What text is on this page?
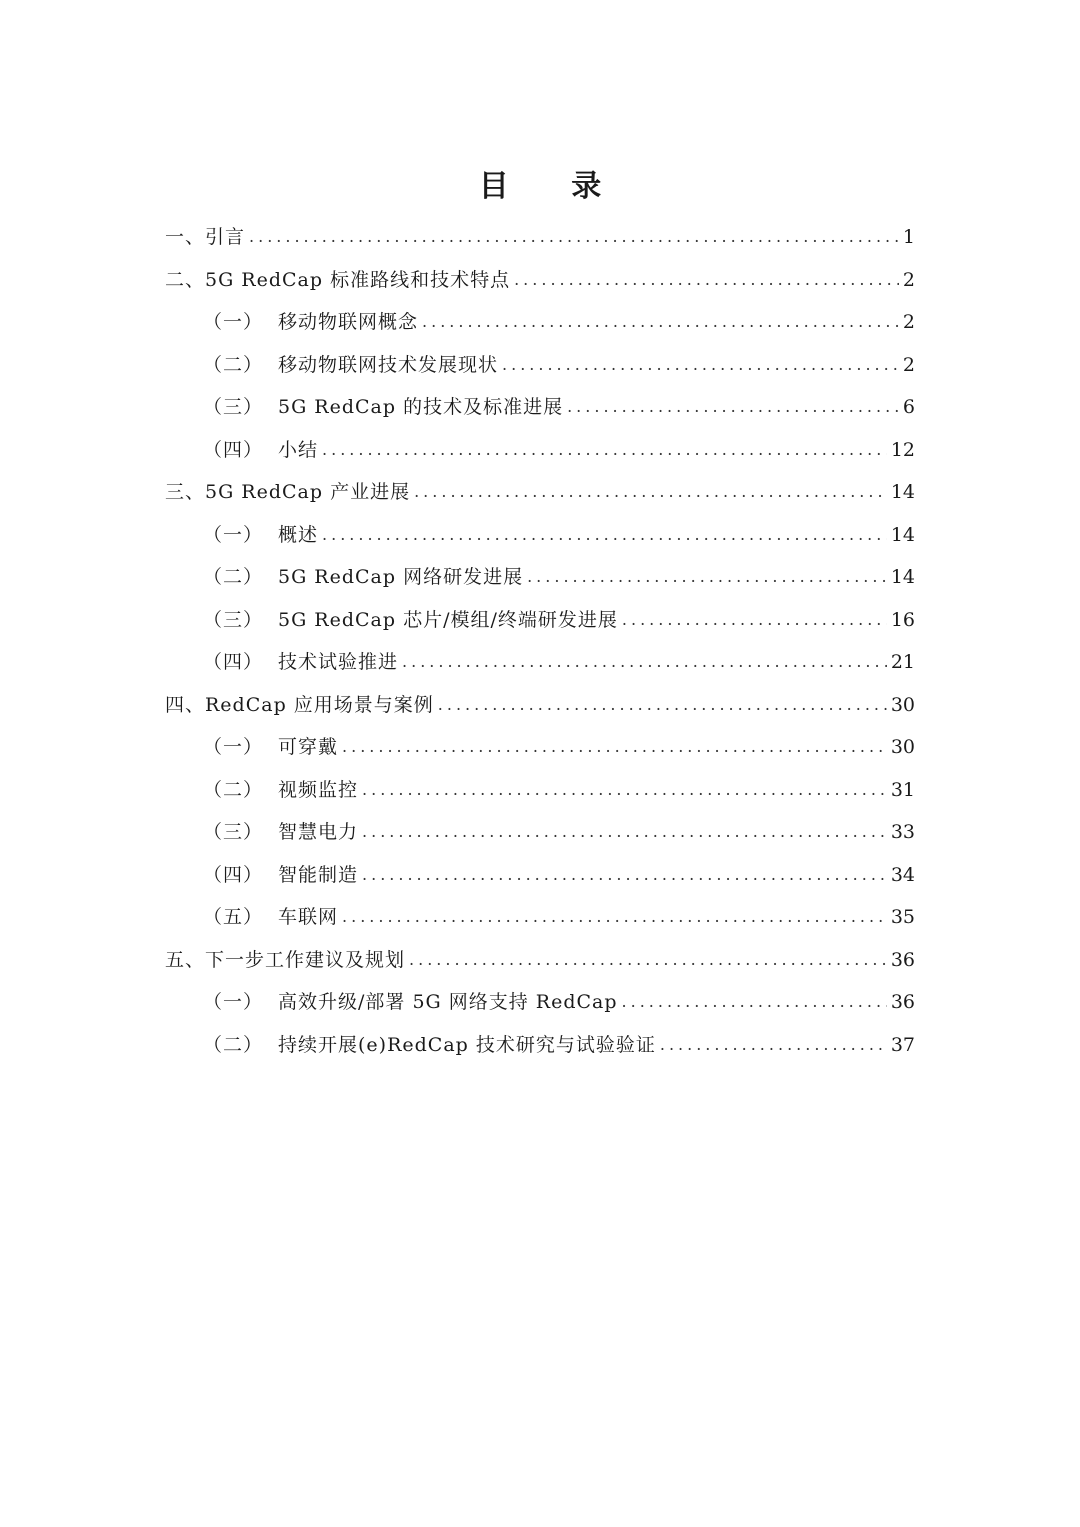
目 录
一、引言 .....	1
二、5G RedCap 标准路线和技术特点 .....	2
（一） 移动物联网概念 .....	2
（二） 移动物联网技术发展现状 .....	2
（三） 5G RedCap 的技术及标准进展 .....	6
（四） 小结 .....	12
三、5G RedCap 产业进展 .....	14
（一） 概述 .....	14
（二） 5G RedCap 网络研发进展 .....	14
（三） 5G RedCap 芯片/模组/终端研发进展 .....	16
（四） 技术试验推进 .....	21
四、RedCap 应用场景与案例 .....	30
（一） 可穿戴 .....	30
（二） 视频监控 .....	31
（三） 智慧电力 .....	33
（四） 智能制造 .....	34
（五） 车联网 .....	35
五、下一步工作建议及规划 .....	36
（一） 高效升级/部署 5G 网络支持 RedCap .....	36
（二） 持续开展(e)RedCap 技术研究与试验验证 .....	37
